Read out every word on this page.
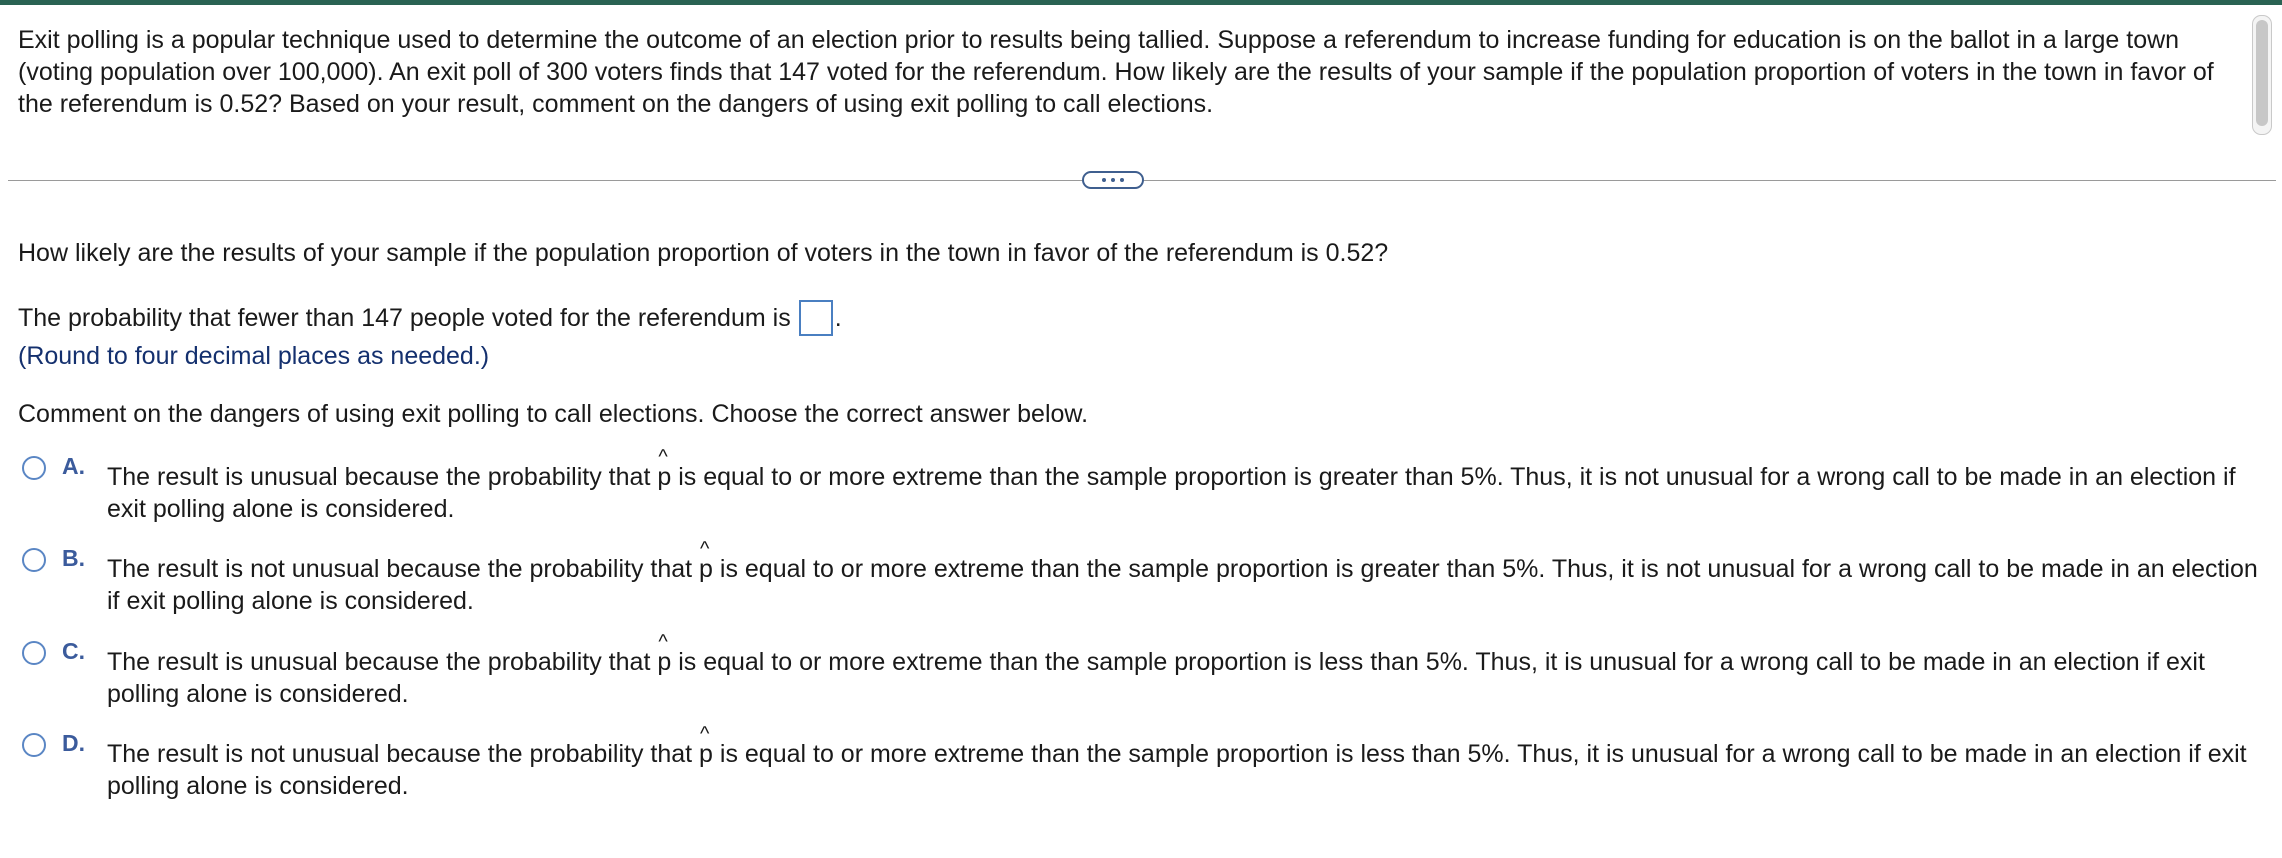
Exit polling is a popular technique used to determine the outcome of an election prior to results being tallied. Suppose a referendum to increase funding for education is on the ballot in a large town (voting population over 100,000). An exit poll of 300 voters finds that 147 voted for the referendum. How likely are the results of your sample if the population proportion of voters in the town in favor of the referendum is 0.52? Based on your result, comment on the dangers of using exit polling to call elections.
How likely are the results of your sample if the population proportion of voters in the town in favor of the referendum is 0.52?
The probability that fewer than 147 people voted for the referendum is .
(Round to four decimal places as needed.)
Comment on the dangers of using exit polling to call elections. Choose the correct answer below.
A. The result is unusual because the probability that ^ p is equal to or more extreme than the sample proportion is greater than 5%. Thus, it is not unusual for a wrong call to be made in an election if exit polling alone is considered.
B. The result is not unusual because the probability that ^ p is equal to or more extreme than the sample proportion is greater than 5%. Thus, it is not unusual for a wrong call to be made in an election if exit polling alone is considered.
C. The result is unusual because the probability that ^ p is equal to or more extreme than the sample proportion is less than 5%. Thus, it is unusual for a wrong call to be made in an election if exit polling alone is considered.
D. The result is not unusual because the probability that ^ p is equal to or more extreme than the sample proportion is less than 5%. Thus, it is unusual for a wrong call to be made in an election if exit polling alone is considered.
